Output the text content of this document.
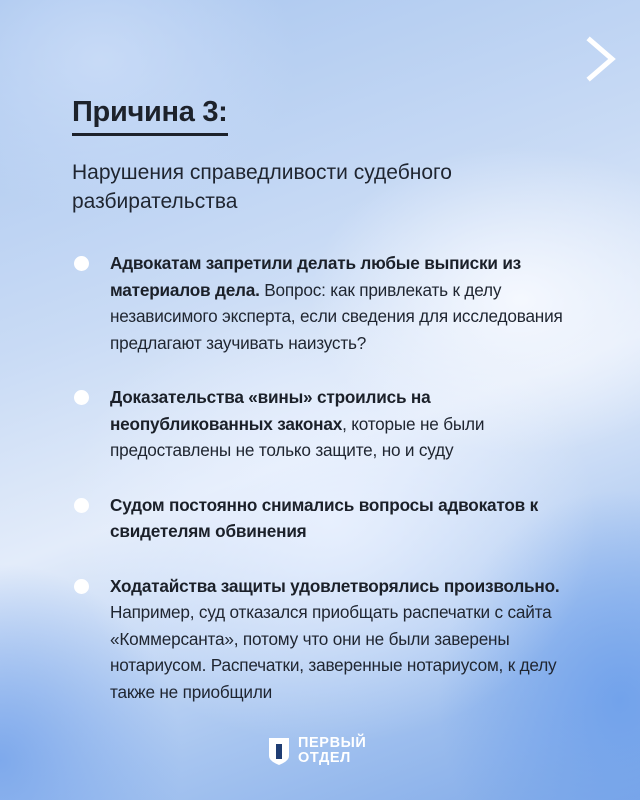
Причина 3:
Нарушения справедливости судебного разбирательства
Адвокатам запретили делать любые выписки из материалов дела. Вопрос: как привлекать к делу независимого эксперта, если сведения для исследования предлагают заучивать наизусть?
Доказательства «вины» строились на неопубликованных законах, которые не были предоставлены не только защите, но и суду
Судом постоянно снимались вопросы адвокатов к свидетелям обвинения
Ходатайства защиты удовлетворялись произвольно. Например, суд отказался приобщать распечатки с сайта «Коммерсанта», потому что они не были заверены нотариусом. Распечатки, заверенные нотариусом, к делу также не приобщили
ПЕРВЫЙ
ОТДЕЛ
